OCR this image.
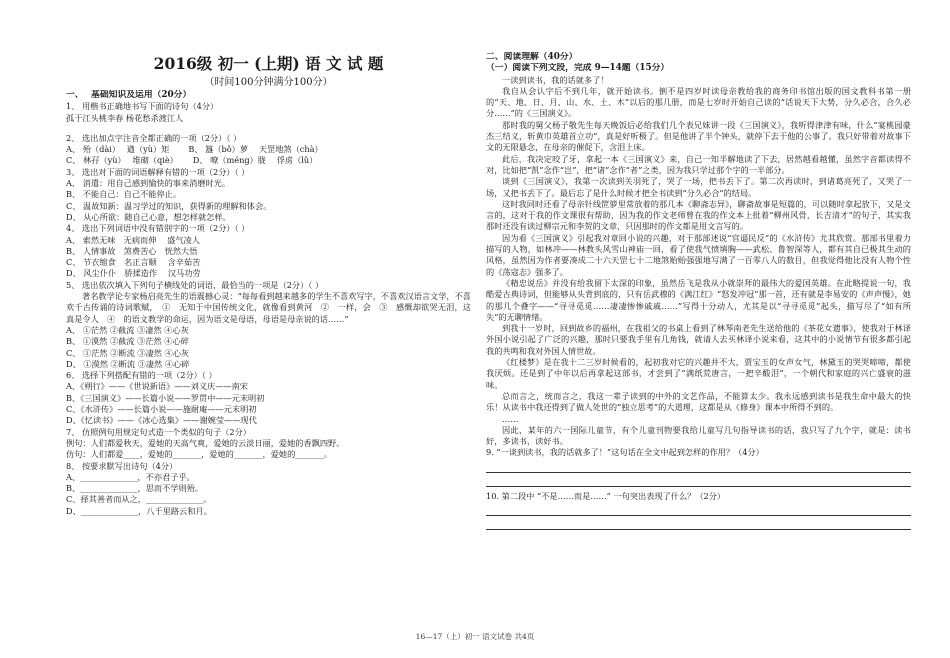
2016级 初一 (上期) 语 文 试 题
（时间100分钟满分100分）
一、　 基础知识及运用（20分）
1、 用楷书正确地书写下面的诗句（4分）
孤于江头桃李春 杨花愁杀渡江人
2、 选出加点字注音全都正确的一项（2分）（ ）
A、 殆（dài）　 遒（yù）矩　　 B、 簋（bǒ）萝　 天罡地煞（chà）
C、 林孖（yù）　 堆砌（qiè）　　 D、 嘹（méng）胧　 俘虏（lǔ）
3、 选出对下面的词语解释有错的一项（2分）（ ）
A、 消遣：用自己感到愉快的事来消磨时光。
B、 不能自己：自己不能停止。
C、 温故知新：温习学过的知识，获得新的理解和体会。
D、 从心所欲：随自己心意，想怎样就怎样。
4、 选出下列词语中没有错别字的一项（2分）（ ）
A、 索然无味　无病而伸　 盛气凌人
B、 人情事故　煞费苦心　恍然大悟
C、 节衣缩食　名正言顺　 含辛茹苦
D、 风尘仆仆　骄揉造作　 汉马功劳
5、 选出依次填入下列句子横线处的词语，最恰当的一项是（2分）（ ）
著名教学论专家杨启亮先生的语震撼心灵：“每每看到越来越多的学生不喜欢写字，不喜欢汉语言文学，不喜欢千古传诵的诗词歌赋，　①　无知于中国传统文化，就像看到黄河　②　一样，会　③　感慨却欲哭无泪，这真是令人　④　的语文教学的命运，因为语文是母语，母语是母亲说的话……”
A、 ①茫然 ②截流 ③凄然 ④心灰
B、 ①漠然 ②截流 ③茫然 ④心碎
C、 ①茫然 ②断流 ③凄然 ④心灰
D、 ①漠然 ②断流 ③凄然 ④心碎
6、 选择下列搭配有错的一项（2分）（ ）
A、《朔行》——《世说新语》——刘义庆——南宋
B、《三国演义》——长篇小说——罗贯中——元末明初
C、《水浒传》——长篇小说——施耐庵——元末明初
D、《忆读书》——《冰心选集》——谢婉莹——现代
7、 仿照例句用规定句式造一个类似的句子（2分）
例句：人们都爱秋天，爱她的天高气爽，爱她的云淡日丽，爱她的香飘四野。
仿句：人们都爱____，爱她的_______，爱她的_______，爱她的_______。
8、 按要求默写出诗句（4分）
A、______________，不亦君子乎。
B、______________，思而不学则殆。
C、择其善者而从之，______________。
D、______________，八千里路云和月。
二、阅读理解（40分）
（一）阅读下列文段，完成 9—14题（15分）
一读到读书，我的话就多了！
我自从会认字后不到几年，就开始读书。倒不是四岁时读母亲教给我的商务印书馆出版的国文教科书第一册的“天、地、日、月、山、水、土、木”以后的那几册，而是七岁时开始自己读的“话说天下大势，分久必合，合久必分……”的《三国演义》。
那时我的舅父杨子敬先生每天晚饭后必给我们几个表兄妹讲一段《三国演义》，我听得津津有味，什么“宴桃园豪杰三结义，斩黄巾英雄首立功”，真是好听极了。但是他讲了半个钟头，就停下去干他的公事了。我只好带着对故事下文的无限悬念，在母亲的催促下，含泪上床。
此后，我决定咬了牙，拿起一本《三国演义》来，自己一知半解地读了下去，居然越看越懂，虽然字音都读得不对，比如把“凯”念作“岂”，把“诸”念作“者”之类，因为我只学过那个字的一半部分。
谈到《三国演义》，我第一次读到关羽死了，哭了一场，把书丢下了。第二次再读时，到诸葛亮死了，又哭了一场，又把书丢下了。最后忘了是什么时候才把全书读到“分久必合”的结局。
这时我同时还看了母亲针线笸箩里常放着的那几本《聊斋志异》，聊斋故事是短篇的，可以随时拿起放下，又是文言的，这对于我的作文课很有帮助，因为我的作文老师曾在我的作文本上批着“柳州风骨，长吉清才”的句子，其实我那时还没有读过柳宗元和李贺的文章，只因那时的作文都是用文言写的。
因为看《三国演义》引起我对章回小说的兴趣，对于那部述说“官逼民反”的《水浒传》尤其欣赏。那部书里着力描写的人物，如林冲——林教头风雪山神庙一回，看了使我气愤填胸——武松、鲁智深等人，都有其自已极其生动的风格，虽然因为作者要凑成二十六天罡七十二地煞贻贻强强地写满了一百零八人的数目，但我觉得他比没有人物个性的《荡寇志》强多了。
《精忠说岳》并没有给我留下太深的印象，虽然岳飞是我从小就崇拜的最伟大的爱国英雄。在此略提说一句，我酷爱古典诗词，但能够从头背到底的，只有岳武穆的《满江红》“怒发冲冠”那一首，还有就是李易安的《声声慢》，她的那几个叠字——“寻寻觅觅……凄凄惨惨戚戚……”写得十分动人，尤其是以“寻寻觅觅”起头，描写尽了“如有所失”的无聊情绪。
到我十一岁时，回到故乡的福州，在我祖父的书桌上看到了林琴南老先生送给他的《茶花女遗事》，使我对于林译外国小说引起了广泛的兴趣，那时只要我手里有几角钱，就请人去买林译小说来看，这其中的小说情节有很多都引起我的共鸣和我对外国人情世故。
《红楼梦》是在我十二三岁时候看的，起初我对它的兴趣并不大，贾宝玉的女声女气，林黛玉的哭哭啼啼，都使我厌烦。还是到了中年以后再拿起这部书，才尝到了“满纸荒唐言，一把辛酸泪”，一个朝代和家庭的兴亡盛衰的滋味。
总而言之，统而言之，我这一辈子读到的中外的文艺作品，不能算太少。我永远感到读书是我生命中最大的快乐！从读书中我还得到了做人处世的“独立思考”的大道理，这都是从《修身》课本中所得不到的。
……
因此，某年的六一国际儿童节，有个儿童刊物要我给儿童写几句指导读书的话，我只写了九个字，就是：读书好，多读书，读好书。
9. “一谈到读书，我的话就多了！”这句话在全文中起到怎样的作用？（4分）
10. 第二段中 “不是……而是……” 一句突出表现了什么？（2分）
16—17（上）初一 语文试卷 共4页
